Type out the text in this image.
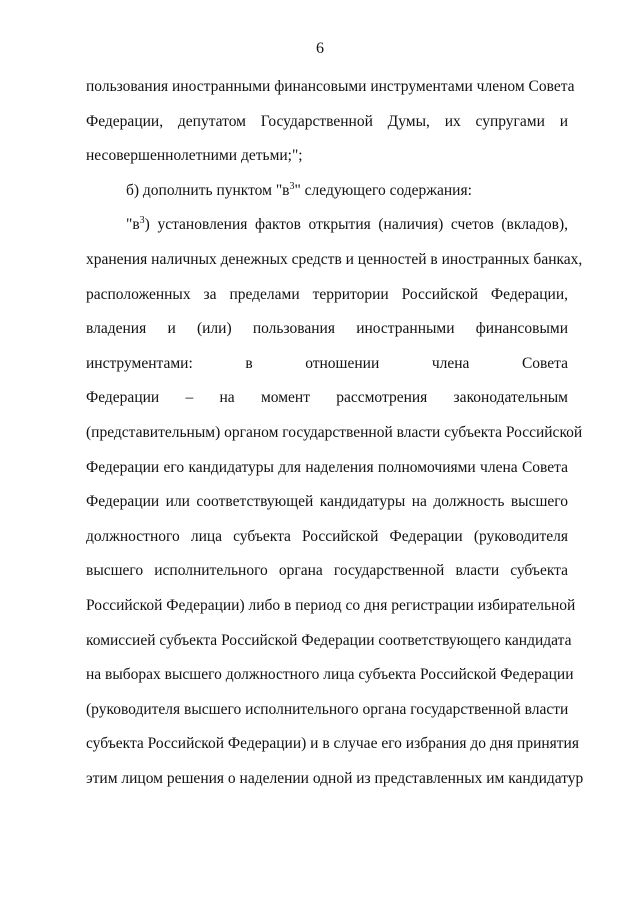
6
пользования иностранными финансовыми инструментами членом Совета
Федерации, депутатом Государственной Думы, их супругами и
несовершеннолетними детьми;";
б) дополнить пунктом "$в^3$" следующего содержания:
"$в^3$) установления фактов открытия (наличия) счетов (вкладов),
хранения наличных денежных средств и ценностей в иностранных банках,
расположенных за пределами территории Российской Федерации,
владения и (или) пользования иностранными финансовыми
инструментами: в отношении члена Совета
Федерации – на момент рассмотрения законодательным
(представительным) органом государственной власти субъекта Российской
Федерации его кандидатуры для наделения полномочиями члена Совета
Федерации или соответствующей кандидатуры на должность высшего
должностного лица субъекта Российской Федерации (руководителя
высшего исполнительного органа государственной власти субъекта
Российской Федерации) либо в период со дня регистрации избирательной
комиссией субъекта Российской Федерации соответствующего кандидата
на выборах высшего должностного лица субъекта Российской Федерации
(руководителя высшего исполнительного органа государственной власти
субъекта Российской Федерации) и в случае его избрания до дня принятия
этим лицом решения о наделении одной из представленных им кандидатур
